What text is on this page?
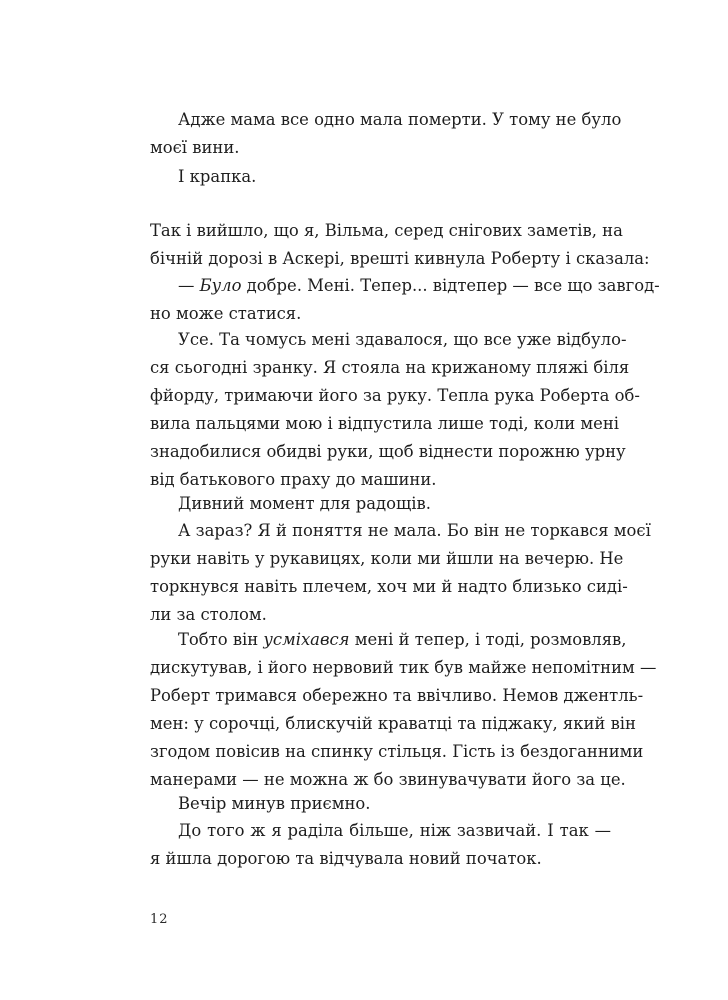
Адже мама все одно мала померти. У тому не було
моєї вини.
І крапка.
Так і вийшло, що я, Вільма, серед снігових заметів, на
бічній дорозі в Аскері, врешті кивнула Роберту і сказала:
— Було добре. Мені. Тепер... відтепер — все що завгод-
но може статися.
Усе. Та чомусь мені здавалося, що все уже відбуло-
ся сьогодні зранку. Я стояла на крижаному пляжі біля
фйорду, тримаючи його за руку. Тепла рука Роберта об-
вила пальцями мою і відпустила лише тоді, коли мені
знадобилися обидві руки, щоб віднести порожню урну
від батькового праху до машини.
Дивний момент для радощів.
А зараз? Я й поняття не мала. Бо він не торкався моєї
руки навіть у рукавицях, коли ми йшли на вечерю. Не
торкнувся навіть плечем, хоч ми й надто близько сиді-
ли за столом.
Тобто він усміхався мені й тепер, і тоді, розмовляв,
дискутував, і його нервовий тик був майже непомітним —
Роберт тримався обережно та ввічливо. Немов джентль-
мен: у сорочці, блискучій краватці та піджаку, який він
згодом повісив на спинку стільця. Гість із бездоганними
манерами — не можна ж бо звинувачувати його за це.
Вечір минув приємно.
До того ж я раділа більше, ніж зазвичай. І так —
я йшла дорогою та відчувала новий початок.
12
